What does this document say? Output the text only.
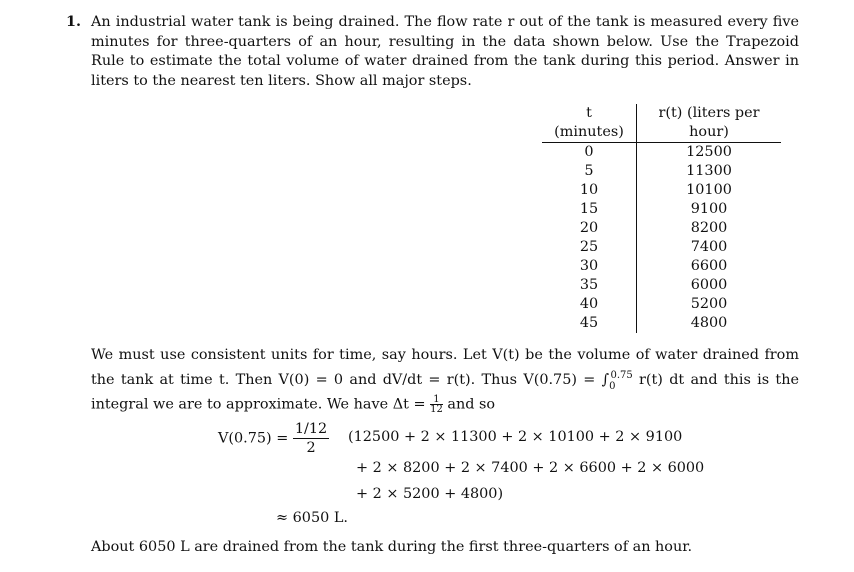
1. An industrial water tank is being drained. The flow rate r out of the tank is measured every five minutes for three-quarters of an hour, resulting in the data shown below. Use the Trapezoid Rule to estimate the total volume of water drained from the tank during this period. Answer in liters to the nearest ten liters. Show all major steps.
t (minutes)	r(t) (liters per hour)
0	12500
5	11300
10	10100
15	9100
20	8200
25	7400
30	6600
35	6000
40	5200
45	4800
We must use consistent units for time, say hours. Let V(t) be the volume of water drained from the tank at time t. Then V(0) = 0 and dV/dt = r(t). Thus $V(0.75) = \int_0^{0.75}$ r(t) dt and this is the integral we are to approximate. We have $\Delta t = \frac{1}{12}$ and so
$V(0.75) = \frac{1/12}{2} (12500 + 2 \times 11300 + 2 \times 10100 + 2 \times 9100$
+ 2 × 8200 + 2 × 7400 + 2 × 6600 + 2 × 6000
+ 2 × 5200 + 4800)
≈ 6050 L.
About 6050 L are drained from the tank during the first three-quarters of an hour.
